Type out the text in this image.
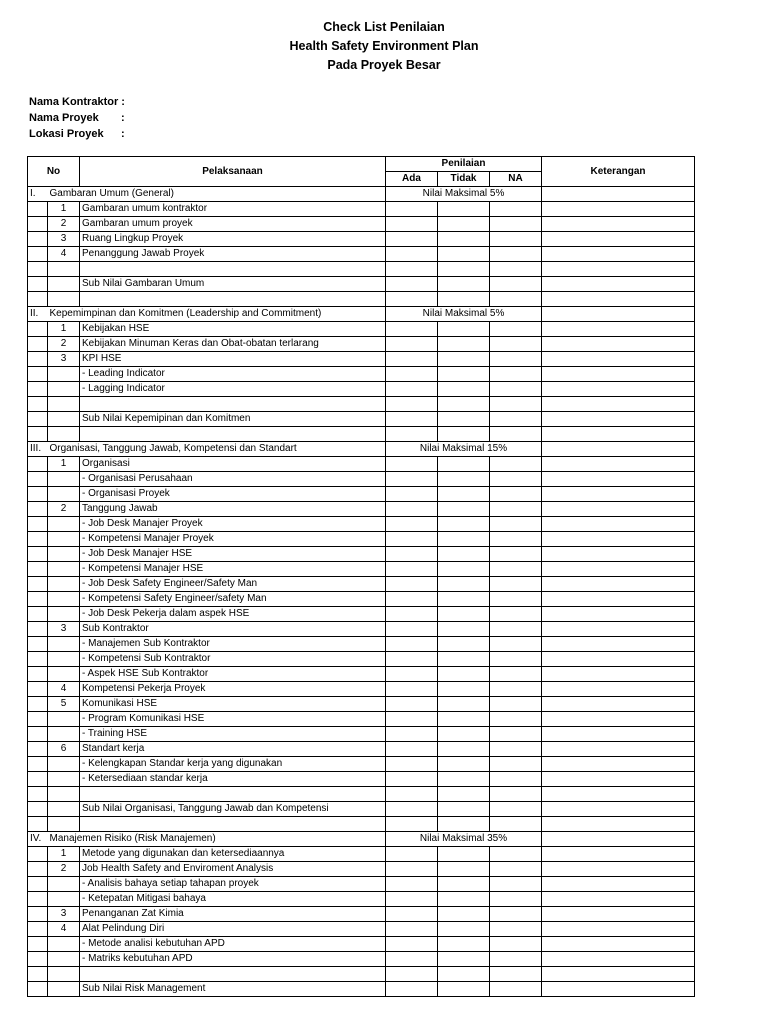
Check List Penilaian
Health Safety Environment Plan
Pada Proyek Besar
Nama Kontraktor :
Nama Proyek :
Lokasi Proyek :
No		Pelaksanaan	Penilaian			Keterangan
			Ada	Tidak	NA	
I.	Gambaran Umum (General)		Nilai Maksimal 5%			
	1	Gambaran umum kontraktor				
	2	Gambaran umum proyek				
	3	Ruang Lingkup Proyek				
	4	Penanggung Jawab Proyek				

		Sub Nilai Gambaran Umum				

II.	Kepemimpinan dan Komitmen (Leadership and Commitment)		Nilai Maksimal 5%			
	1	Kebijakan HSE				
	2	Kebijakan Minuman Keras dan Obat-obatan terlarang				
	3	KPI HSE				
		- Leading Indicator				
		- Lagging Indicator				

		Sub Nilai Kepemipinan dan Komitmen				

III.	Organisasi, Tanggung Jawab, Kompetensi dan Standart		Nilai Maksimal 15%			
	1	Organisasi				
		- Organisasi Perusahaan				
		- Organisasi Proyek				
	2	Tanggung Jawab				
		- Job Desk Manajer Proyek				
		- Kompetensi Manajer Proyek				
		- Job Desk Manajer HSE				
		- Kompetensi Manajer HSE				
		- Job Desk Safety Engineer/Safety Man				
		- Kompetensi Safety Engineer/safety Man				
		- Job Desk Pekerja dalam aspek HSE				
	3	Sub Kontraktor				
		- Manajemen Sub Kontraktor				
		- Kompetensi Sub Kontraktor				
		- Aspek HSE Sub Kontraktor				
	4	Kompetensi Pekerja Proyek				
	5	Komunikasi HSE				
		- Program Komunikasi HSE				
		- Training HSE				
	6	Standart kerja				
		- Kelengkapan Standar kerja yang digunakan				
		- Ketersediaan standar kerja				

		Sub Nilai Organisasi, Tanggung Jawab dan Kompetensi				

IV.	Manajemen Risiko (Risk Manajemen)		Nilai Maksimal 35%			
	1	Metode yang digunakan dan ketersediaannya				
	2	Job Health Safety and Enviroment Analysis				
		- Analisis bahaya setiap tahapan proyek				
		- Ketepatan Mitigasi bahaya				
	3	Penanganan Zat Kimia				
	4	Alat Pelindung Diri				
		- Metode analisi kebutuhan APD				
		- Matriks kebutuhan APD				

		Sub Nilai Risk Management				
